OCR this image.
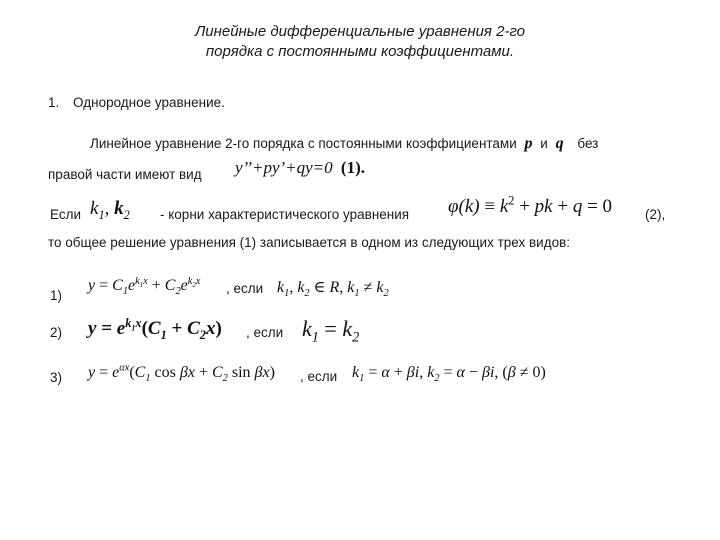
Линейные дифференциальные уравнения 2-го
порядка с постоянными коэффициентами.
1. Однородное уравнение.
Линейное уравнение 2-го порядка с постоянными коэффициентами p и q без
правой части имеют вид y’’+py’+qy=0 (1).
Если $k_1$, $k_2$ - корни характеристического уравнения $\varphi(k) \equiv k^2$ + pk + q = 0 (2),
то общее решение уравнения (1) записывается в одном из следующих трех видов:
1)
$y = C_1e^{k_1x} + C_2e^{k_2x}$ , если $k_1$, $k_2$ ∈ R, $k_1 \ne k_2$
2) $y = e^{k_1x}(C_1 + C_2x)$ , если $k_1 = k_2$
3) $y = e^{\alpha x}(C_1$ $\cos \beta x + C_2$ sin βx) , если $k_1 = \alpha + \beta i$, $k_2 = \alpha - \beta i$, (β ≠ 0)
